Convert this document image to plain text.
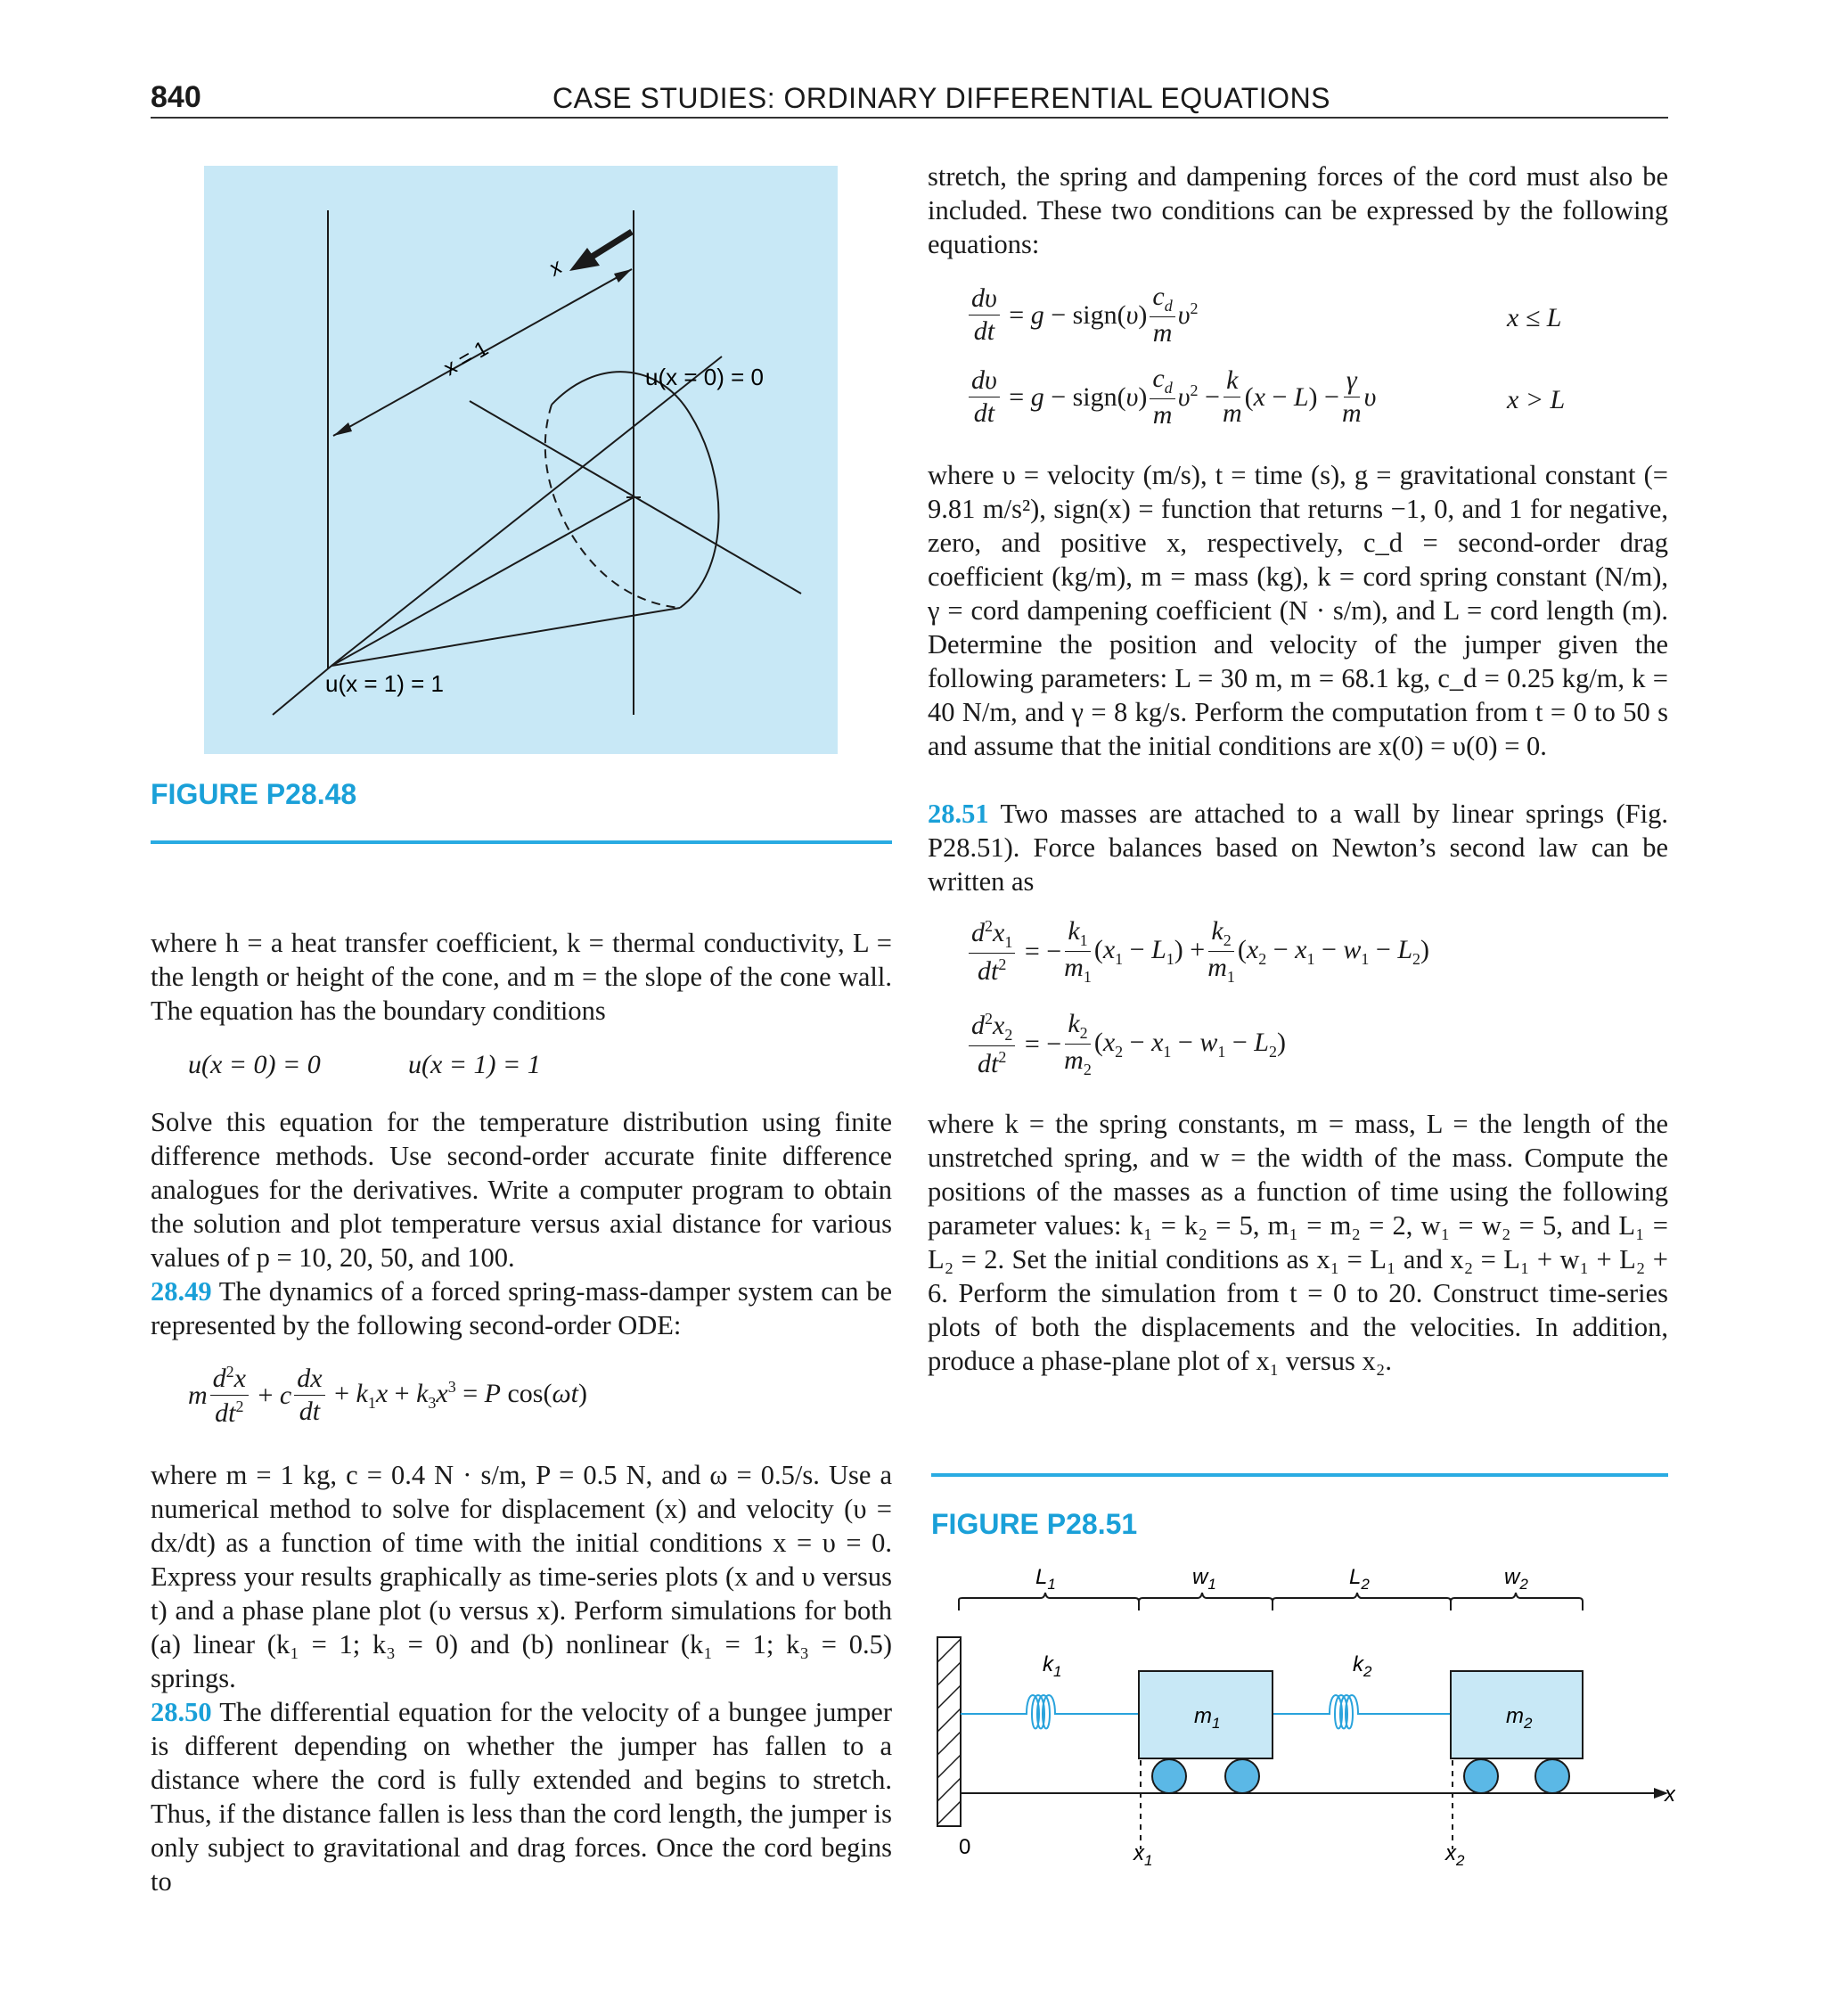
840	CASE STUDIES: ORDINARY DIFFERENTIAL EQUATIONS
x
x = 1	u(x = 0) = 0
u(x = 1) = 1
FIGURE P28.48
where h = a heat transfer coefficient, k = thermal conductivity, L = the length or height of the cone, and m = the slope of the cone wall. The equation has the boundary conditions
u(x = 0) = 0	u(x = 1) = 1
Solve this equation for the temperature distribution using finite difference methods. Use second-order accurate finite difference analogues for the derivatives. Write a computer program to obtain the solution and plot temperature versus axial distance for various values of p = 10, 20, 50, and 100.
28.49 The dynamics of a forced spring-mass-damper system can be represented by the following second-order ODE:
m $\frac{d^2x}{dt^2} + c \frac{dx}{dt} + k_1x + k_3x^3 = P$ cos(ωt)
where m = 1 kg, c = 0.4 N · s/m, P = 0.5 N, and ω = 0.5/s. Use a numerical method to solve for displacement (x) and velocity (υ = dx/dt) as a function of time with the initial conditions x = υ = 0. Express your results graphically as time-series plots (x and υ versus t) and a phase plane plot (υ versus x). Perform simulations for both (a) linear (k₁ = 1; k₃ = 0) and (b) nonlinear (k₁ = 1; k₃ = 0.5) springs.
28.50 The differential equation for the velocity of a bungee jumper is different depending on whether the jumper has fallen to a distance where the cord is fully extended and begins to stretch. Thus, if the distance fallen is less than the cord length, the jumper is only subject to gravitational and drag forces. Once the cord begins to
stretch, the spring and dampening forces of the cord must also be included. These two conditions can be expressed by the following equations:
$\frac{d\upsilon}{dt} = g$ − sign(υ) $\frac{c_d}{m} \upsilon^2$	x ≤ L
$\frac{d\upsilon}{dt} = g$ − sign(υ) $\frac{c_d}{m} \upsilon^2 - \frac{k}{m} (x - L) - \frac{\gamma}{m}$ υ	x > L
where υ = velocity (m/s), t = time (s), g = gravitational constant (= 9.81 m/s²), sign(x) = function that returns −1, 0, and 1 for negative, zero, and positive x, respectively, c_d = second-order drag coefficient (kg/m), m = mass (kg), k = cord spring constant (N/m), γ = cord dampening coefficient (N · s/m), and L = cord length (m). Determine the position and velocity of the jumper given the following parameters: L = 30 m, m = 68.1 kg, c_d = 0.25 kg/m, k = 40 N/m, and γ = 8 kg/s. Perform the computation from t = 0 to 50 s and assume that the initial conditions are x(0) = υ(0) = 0.
28.51 Two masses are attached to a wall by linear springs (Fig. P28.51). Force balances based on Newton’s second law can be written as
$\frac{d^2x_1}{dt^2}$ = − $\frac{k_1}{m_1} (x_1 - L_1) + \frac{k_2}{m_1} (x_2 - x_1 - w_1 - L_2)$
$\frac{d^2x_2}{dt^2}$ = − $\frac{k_2}{m_2} (x_2 - x_1 - w_1 - L_2)$
where k = the spring constants, m = mass, L = the length of the unstretched spring, and w = the width of the mass. Compute the positions of the masses as a function of time using the following parameter values: k₁ = k₂ = 5, m₁ = m₂ = 2, w₁ = w₂ = 5, and L₁ = L₂ = 2. Set the initial conditions as x₁ = L₁ and x₂ = L₁ + w₁ + L₂ + 6. Perform the simulation from t = 0 to 20. Construct time-series plots of both the displacements and the velocities. In addition, produce a phase-plane plot of x₁ versus x₂.
FIGURE P28.51
$L_1$	$w_1$	$L_2$	$w_2$
$k_1$	$k_2$
$m_1$	$m_2$
x
0	$x_1$	$x_2$
